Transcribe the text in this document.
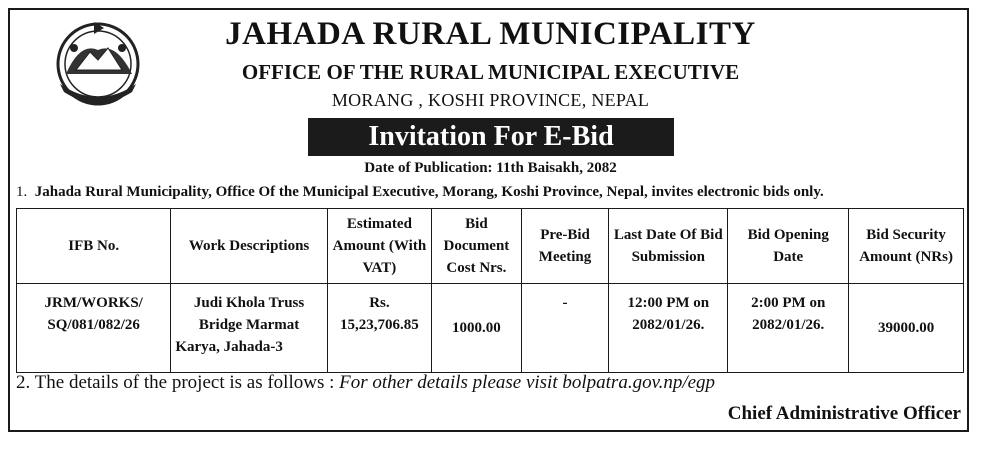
JAHADA RURAL MUNICIPALITY
OFFICE OF THE RURAL MUNICIPAL EXECUTIVE
MORANG , KOSHI PROVINCE, NEPAL
Invitation For E-Bid
Date of Publication: 11th Baisakh, 2082
1. Jahada Rural Municipality, Office Of the Municipal Executive, Morang, Koshi Province, Nepal, invites electronic bids only.
IFB No.	Work Descriptions	Estimated Amount (With VAT)	Bid Document Cost Nrs.	Pre-Bid Meeting	Last Date Of Bid Submission	Bid Opening Date	Bid Security Amount (NRs)
JRM/WORKS/ SQ/081/082/26	Judi Khola Truss Bridge Marmat Karya, Jahada-3	Rs. 15,23,706.85	1000.00	-	12:00 PM on 2082/01/26.	2:00 PM on 2082/01/26.	39000.00
2. The details of the project is as follows : For other details please visit bolpatra.gov.np/egp
Chief Administrative Officer
